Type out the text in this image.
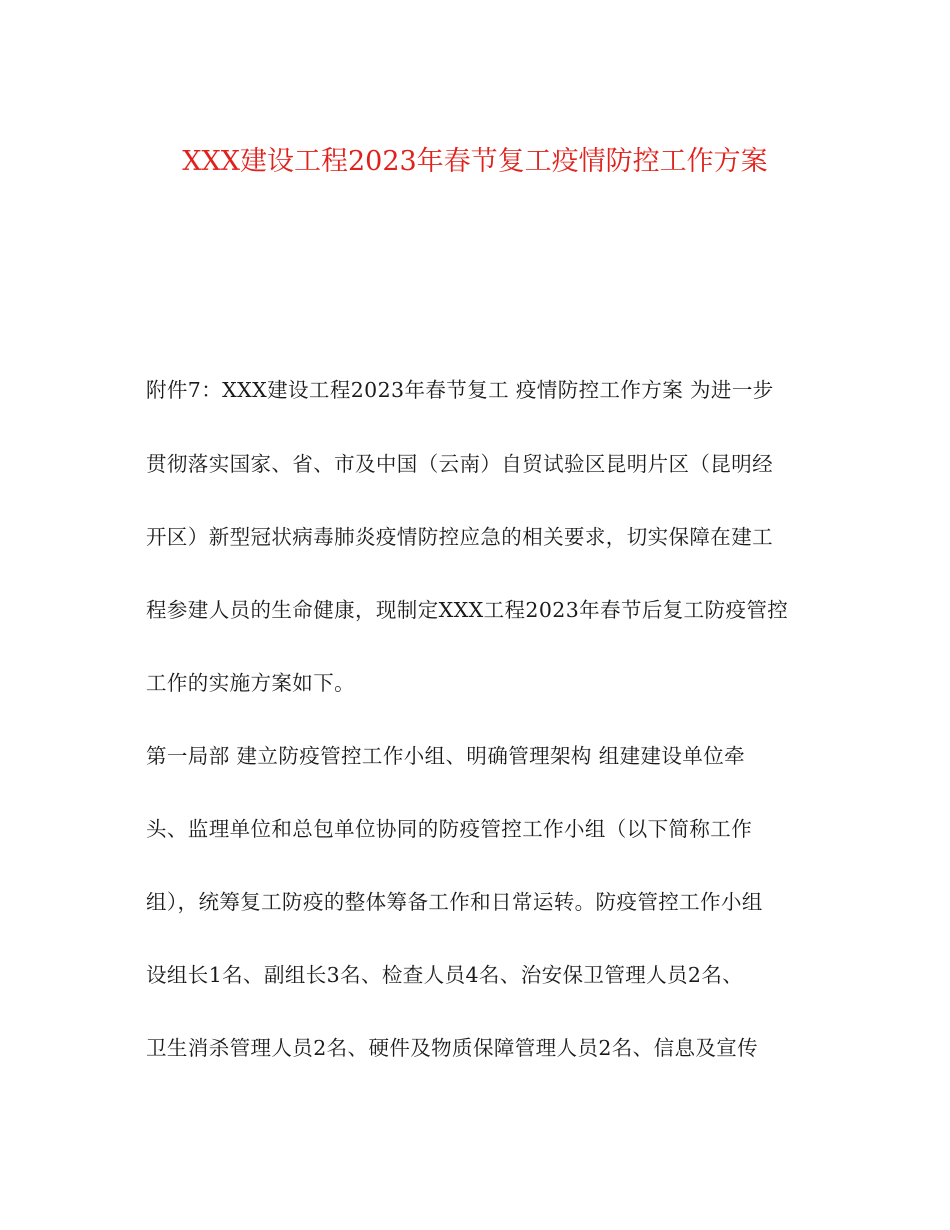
XXX建设工程2023年春节复工疫情防控工作方案
附件7：XXX建设工程2023年春节复工 疫情防控工作方案 为进一步
贯彻落实国家、省、市及中国（云南）自贸试验区昆明片区（昆明经
开区）新型冠状病毒肺炎疫情防控应急的相关要求，切实保障在建工
程参建人员的生命健康，现制定XXX工程2023年春节后复工防疫管控
工作的实施方案如下。
第一局部 建立防疫管控工作小组、明确管理架构 组建建设单位牵
头、监理单位和总包单位协同的防疫管控工作小组（以下简称工作
组），统筹复工防疫的整体筹备工作和日常运转。防疫管控工作小组
设组长1名、副组长3名、检查人员4名、治安保卫管理人员2名、
卫生消杀管理人员2名、硬件及物质保障管理人员2名、信息及宣传
